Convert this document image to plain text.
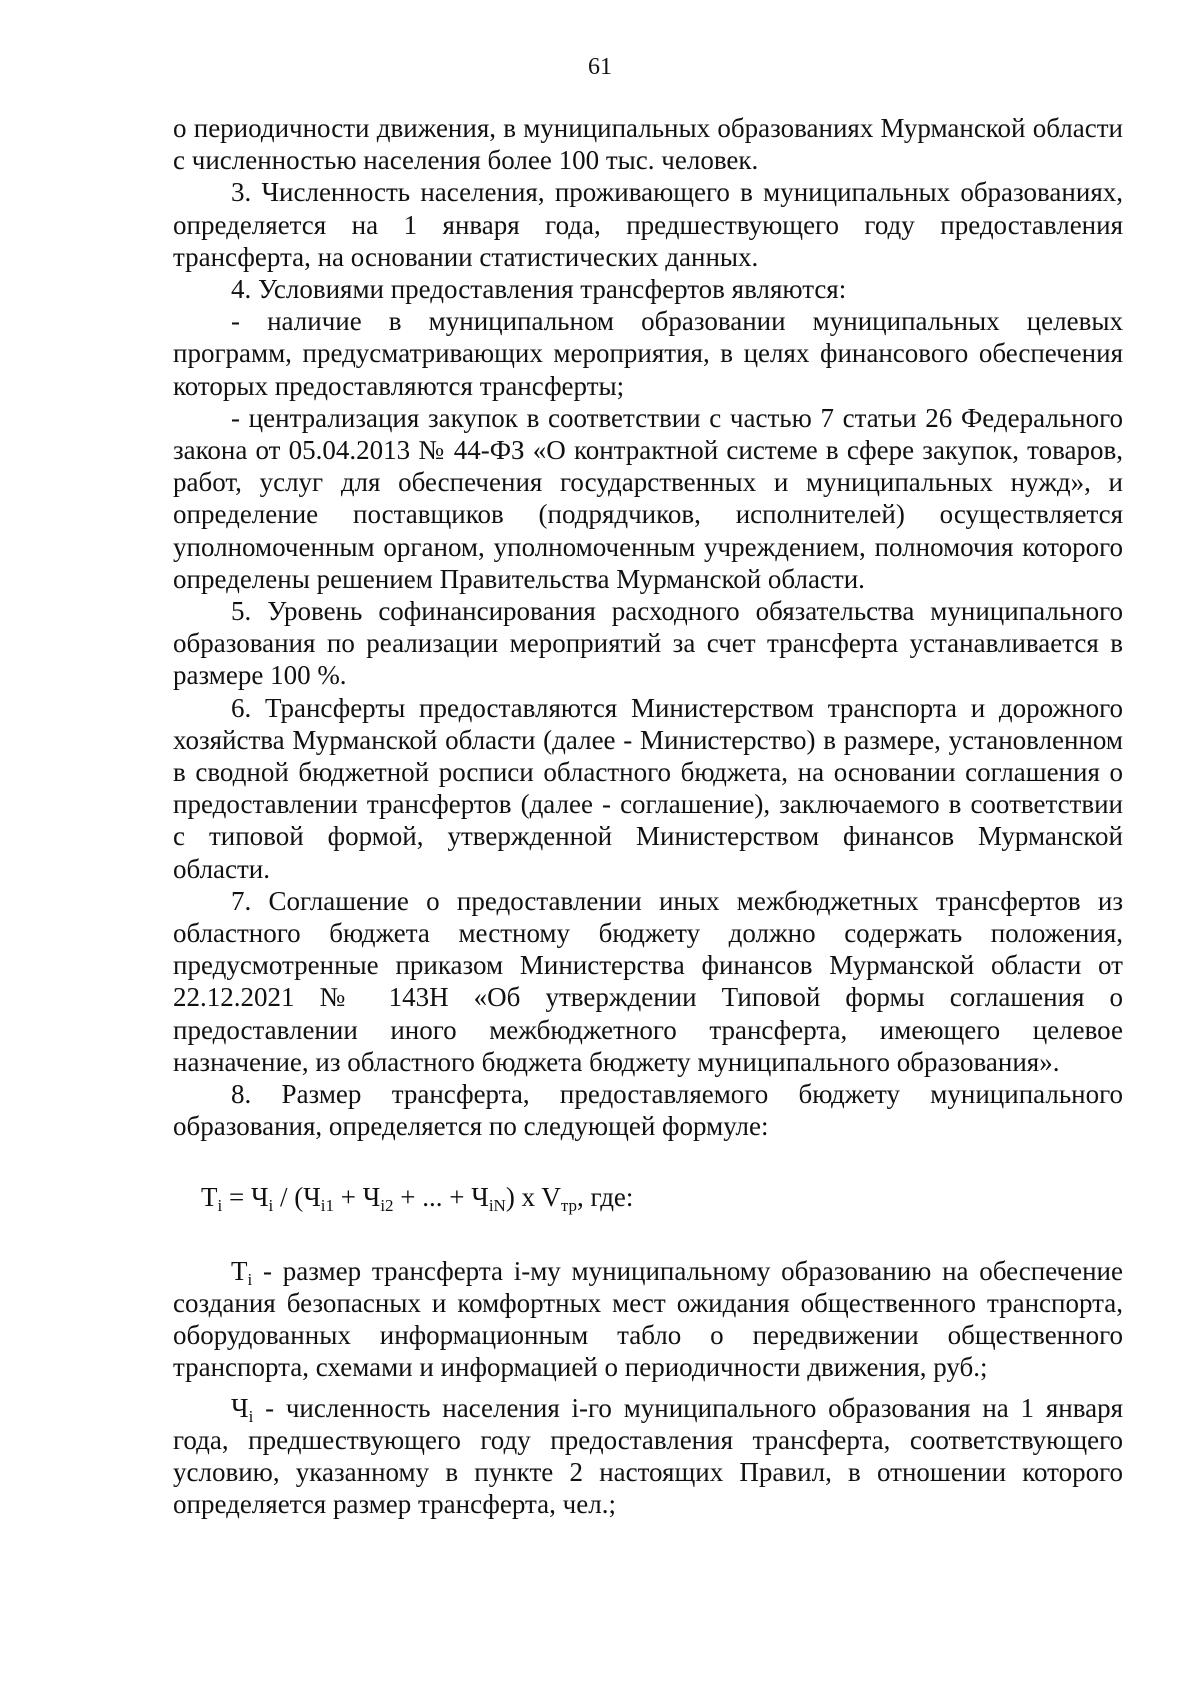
61

о периодичности движения, в муниципальных образованиях Мурманской области с численностью населения более 100 тыс. человек.

3. Численность населения, проживающего в муниципальных образованиях, определяется на 1 января года, предшествующего году предоставления трансферта, на основании статистических данных.

4. Условиями предоставления трансфертов являются:

- наличие в муниципальном образовании муниципальных целевых программ, предусматривающих мероприятия, в целях финансового обеспечения которых предоставляются трансферты;

- централизация закупок в соответствии с частью 7 статьи 26 Федерального закона от 05.04.2013 № 44-ФЗ «О контрактной системе в сфере закупок, товаров, работ, услуг для обеспечения государственных и муниципальных нужд», и определение поставщиков (подрядчиков, исполнителей) осуществляется уполномоченным органом, уполномоченным учреждением, полномочия которого определены решением Правительства Мурманской области.

5. Уровень софинансирования расходного обязательства муниципального образования по реализации мероприятий за счет трансферта устанавливается в размере 100 %.

6. Трансферты предоставляются Министерством транспорта и дорожного хозяйства Мурманской области (далее - Министерство) в размере, установленном в сводной бюджетной росписи областного бюджета, на основании соглашения о предоставлении трансфертов (далее - соглашение), заключаемого в соответствии с типовой формой, утвержденной Министерством финансов Мурманской области.

7. Соглашение о предоставлении иных межбюджетных трансфертов из областного бюджета местному бюджету должно содержать положения, предусмотренные приказом Министерства финансов Мурманской области от 22.12.2021 № 143Н «Об утверждении Типовой формы соглашения о предоставлении иного межбюджетного трансферта, имеющего целевое назначение, из областного бюджета бюджету муниципального образования».

8. Размер трансферта, предоставляемого бюджету муниципального образования, определяется по следующей формуле:

$T_i = Ч_i / (Ч_{i1} + Ч_{i2}$ + ... + $Ч_{iN}$) x $V_{тр}$, где:

$T_i$ - размер трансферта i-му муниципальному образованию на обеспечение создания безопасных и комфортных мест ожидания общественного транспорта, оборудованных информационным табло о передвижении общественного транспорта, схемами и информацией о периодичности движения, руб.;

$Ч_i$ - численность населения i-го муниципального образования на 1 января года, предшествующего году предоставления трансферта, соответствующего условию, указанному в пункте 2 настоящих Правил, в отношении которого определяется размер трансферта, чел.;
